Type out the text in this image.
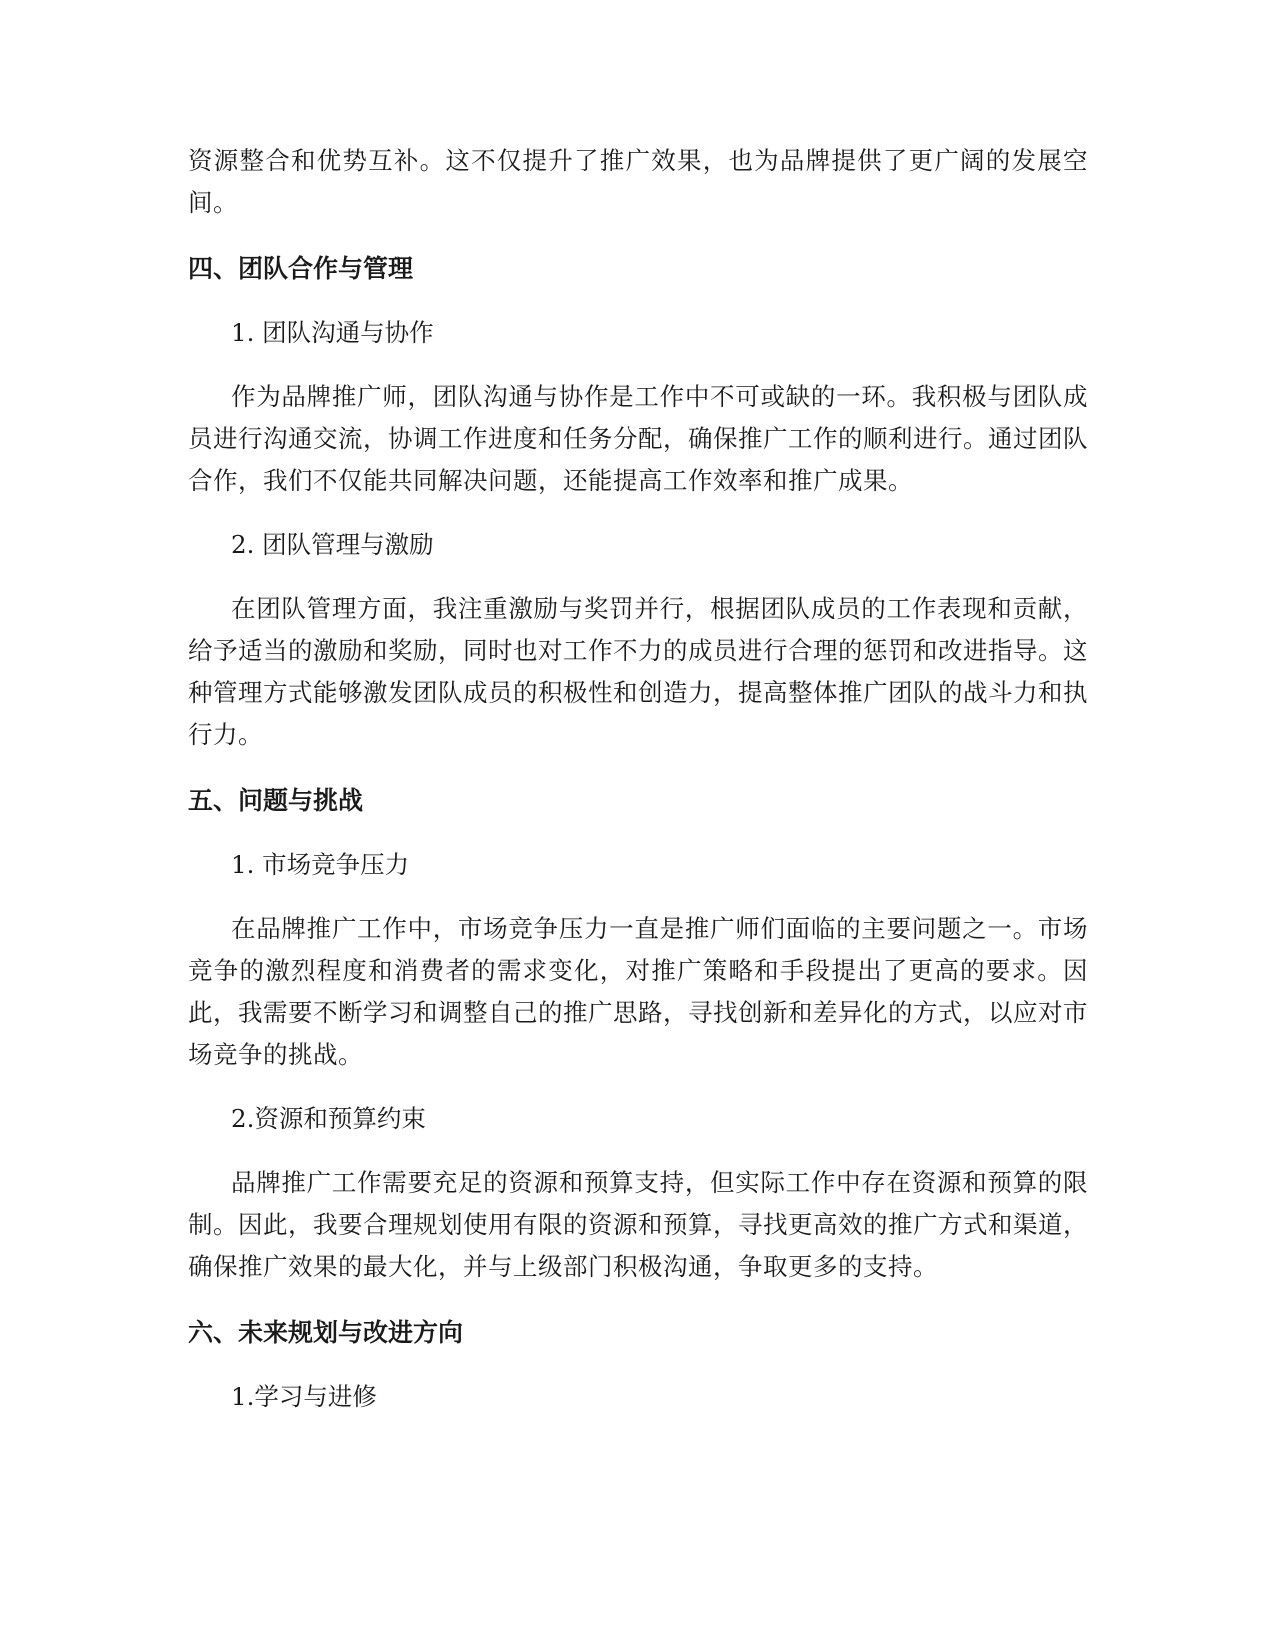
资源整合和优势互补。这不仅提升了推广效果，也为品牌提供了更广阔的发展空间。

四、团队合作与管理

1. 团队沟通与协作

作为品牌推广师，团队沟通与协作是工作中不可或缺的一环。我积极与团队成员进行沟通交流，协调工作进度和任务分配，确保推广工作的顺利进行。通过团队合作，我们不仅能共同解决问题，还能提高工作效率和推广成果。

2. 团队管理与激励

在团队管理方面，我注重激励与奖罚并行，根据团队成员的工作表现和贡献，给予适当的激励和奖励，同时也对工作不力的成员进行合理的惩罚和改进指导。这种管理方式能够激发团队成员的积极性和创造力，提高整体推广团队的战斗力和执行力。

五、问题与挑战

1. 市场竞争压力

在品牌推广工作中，市场竞争压力一直是推广师们面临的主要问题之一。市场竞争的激烈程度和消费者的需求变化，对推广策略和手段提出了更高的要求。因此，我需要不断学习和调整自己的推广思路，寻找创新和差异化的方式，以应对市场竞争的挑战。

2.资源和预算约束

品牌推广工作需要充足的资源和预算支持，但实际工作中存在资源和预算的限制。因此，我要合理规划使用有限的资源和预算，寻找更高效的推广方式和渠道，确保推广效果的最大化，并与上级部门积极沟通，争取更多的支持。

六、未来规划与改进方向

1.学习与进修
